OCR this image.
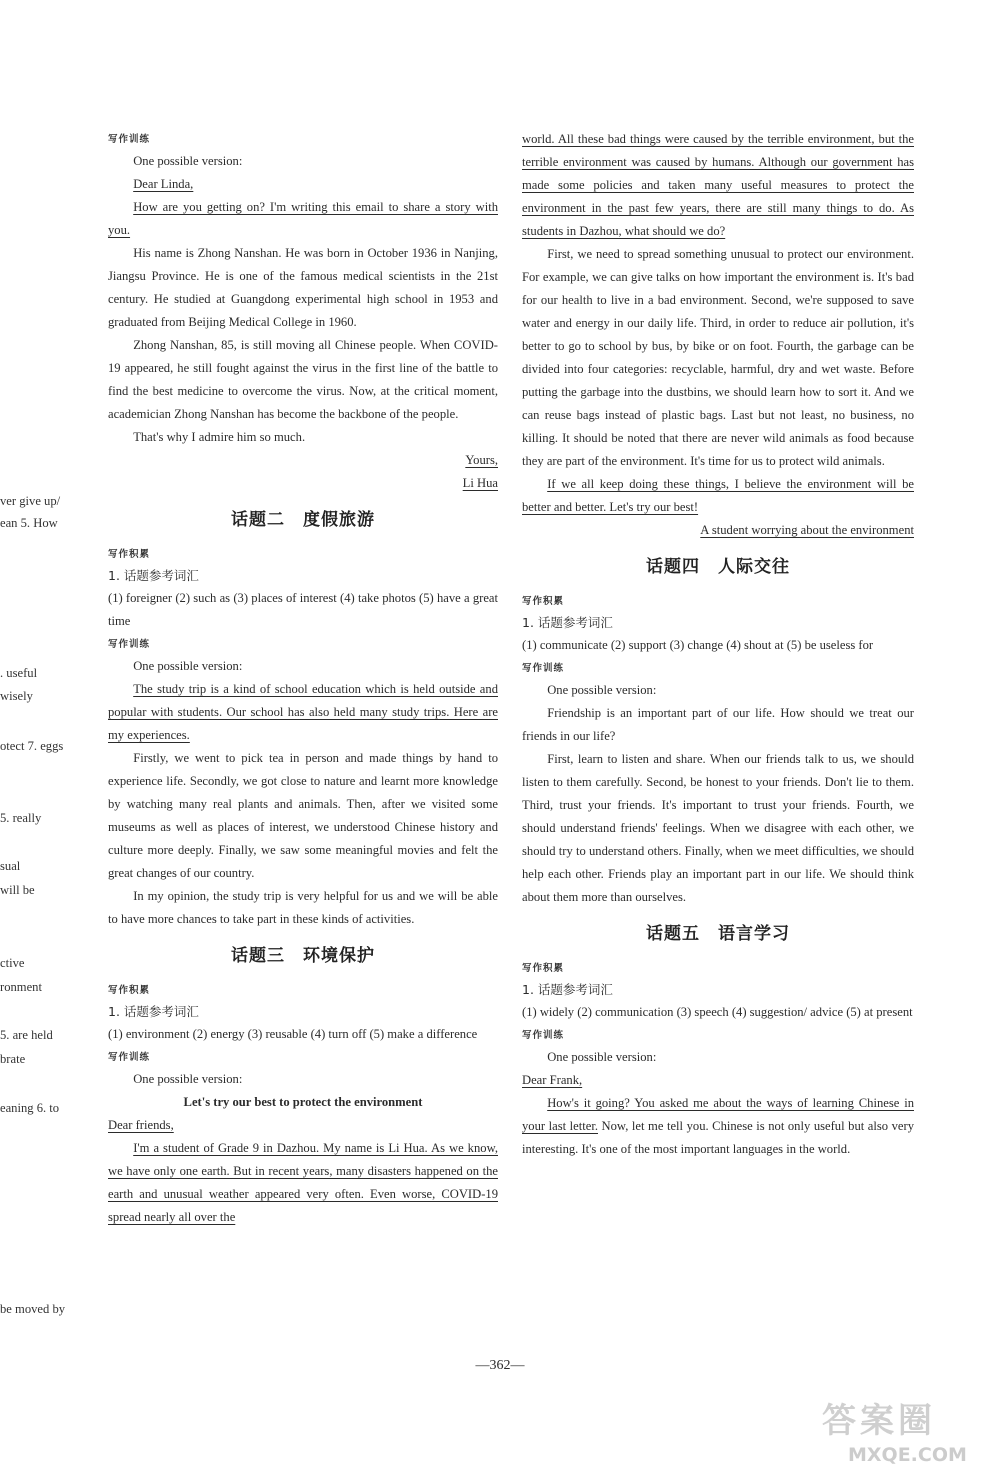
ver give up/
ean 5. How
. useful
wisely
otect 7. eggs
5. really
sual
will be
ctive
ronment
5. are held
brate
eaning 6. to
be moved by

写作训练

One possible version:

Dear Linda,

How are you getting on? I'm writing this email to share a story with you.

His name is Zhong Nanshan. He was born in October 1936 in Nanjing, Jiangsu Province. He is one of the famous medical scientists in the 21st century. He studied at Guangdong experimental high school in 1953 and graduated from Beijing Medical College in 1960.

Zhong Nanshan, 85, is still moving all Chinese people. When COVID-19 appeared, he still fought against the virus in the first line of the battle to find the best medicine to overcome the virus. Now, at the critical moment, academician Zhong Nanshan has become the backbone of the people.

That's why I admire him so much.

Yours,

Li Hua

话题二 度假旅游

写作积累

1. 话题参考词汇

(1) foreigner (2) such as (3) places of interest (4) take photos (5) have a great time

写作训练

One possible version:

The study trip is a kind of school education which is held outside and popular with students. Our school has also held many study trips. Here are my experiences.

Firstly, we went to pick tea in person and made things by hand to experience life. Secondly, we got close to nature and learnt more knowledge by watching many real plants and animals. Then, after we visited some museums as well as places of interest, we understood Chinese history and culture more deeply. Finally, we saw some meaningful movies and felt the great changes of our country.

In my opinion, the study trip is very helpful for us and we will be able to have more chances to take part in these kinds of activities.

话题三 环境保护

写作积累

1. 话题参考词汇

(1) environment (2) energy (3) reusable (4) turn off (5) make a difference

写作训练

One possible version:

Let's try our best to protect the environment

Dear friends,

I'm a student of Grade 9 in Dazhou. My name is Li Hua. As we know, we have only one earth. But in recent years, many disasters happened on the earth and unusual weather appeared very often. Even worse, COVID-19 spread nearly all over the

world. All these bad things were caused by the terrible environment, but the terrible environment was caused by humans. Although our government has made some policies and taken many useful measures to protect the environment in the past few years, there are still many things to do. As students in Dazhou, what should we do?

First, we need to spread something unusual to protect our environment. For example, we can give talks on how important the environment is. It's bad for our health to live in a bad environment. Second, we're supposed to save water and energy in our daily life. Third, in order to reduce air pollution, it's better to go to school by bus, by bike or on foot. Fourth, the garbage can be divided into four categories: recyclable, harmful, dry and wet waste. Before putting the garbage into the dustbins, we should learn how to sort it. And we can reuse bags instead of plastic bags. Last but not least, no business, no killing. It should be noted that there are never wild animals as food because they are part of the environment. It's time for us to protect wild animals.

If we all keep doing these things, I believe the environment will be better and better. Let's try our best!

A student worrying about the environment

话题四 人际交往

写作积累

1. 话题参考词汇

(1) communicate (2) support (3) change (4) shout at (5) be useless for

写作训练

One possible version:

Friendship is an important part of our life. How should we treat our friends in our life?

First, learn to listen and share. When our friends talk to us, we should listen to them carefully. Second, be honest to your friends. Don't lie to them. Third, trust your friends. It's important to trust your friends. Fourth, we should understand friends' feelings. When we disagree with each other, we should try to understand others. Finally, when we meet difficulties, we should help each other. Friends play an important part in our life. We should think about them more than ourselves.

话题五 语言学习

写作积累

1. 话题参考词汇

(1) widely (2) communication (3) speech (4) suggestion/ advice (5) at present

写作训练

One possible version:

Dear Frank,

How's it going? You asked me about the ways of learning Chinese in your last letter. Now, let me tell you. Chinese is not only useful but also very interesting. It's one of the most important languages in the world.

—362—
答案圈
MXQE.COM
